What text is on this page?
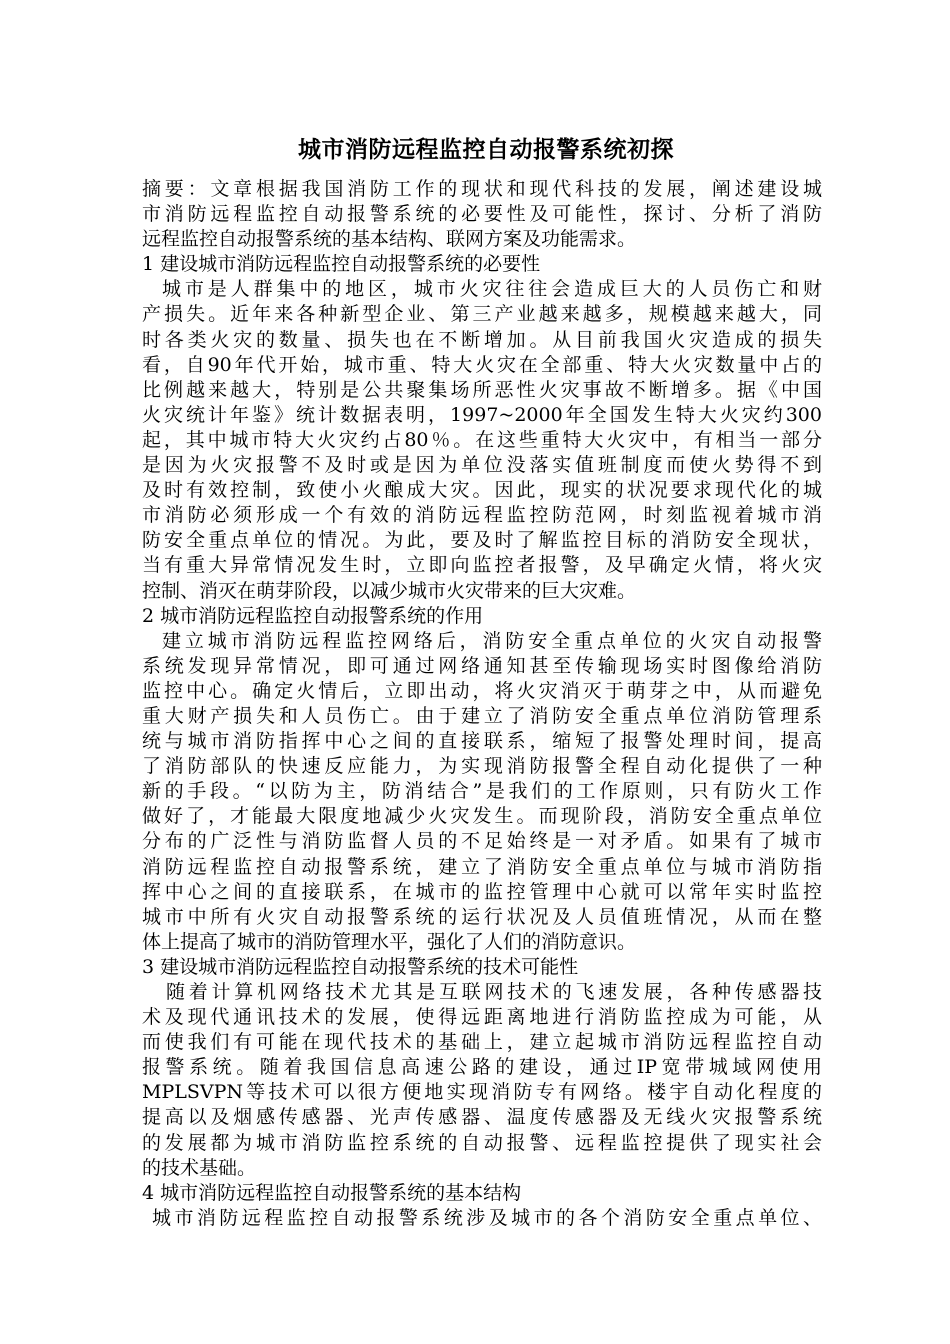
城市消防远程监控自动报警系统初探
摘要：文章根据我国消防工作的现状和现代科技的发展，阐述建设城
市消防远程监控自动报警系统的必要性及可能性，探讨、分析了消防
远程监控自动报警系统的基本结构、联网方案及功能需求。
1 建设城市消防远程监控自动报警系统的必要性
城市是人群集中的地区，城市火灾往往会造成巨大的人员伤亡和财
产损失。近年来各种新型企业、第三产业越来越多，规模越来越大，同
时各类火灾的数量、损失也在不断增加。从目前我国火灾造成的损失
看，自90年代开始，城市重、特大火灾在全部重、特大火灾数量中占的
比例越来越大，特别是公共聚集场所恶性火灾事故不断增多。据《中国
火灾统计年鉴》统计数据表明，1997~2000年全国发生特大火灾约300
起，其中城市特大火灾约占80％。在这些重特大火灾中，有相当一部分
是因为火灾报警不及时或是因为单位没落实值班制度而使火势得不到
及时有效控制，致使小火酿成大灾。因此，现实的状况要求现代化的城
市消防必须形成一个有效的消防远程监控防范网，时刻监视着城市消
防安全重点单位的情况。为此，要及时了解监控目标的消防安全现状，
当有重大异常情况发生时，立即向监控者报警，及早确定火情，将火灾
控制、消灭在萌芽阶段，以减少城市火灾带来的巨大灾难。
2 城市消防远程监控自动报警系统的作用
建立城市消防远程监控网络后，消防安全重点单位的火灾自动报警
系统发现异常情况，即可通过网络通知甚至传输现场实时图像给消防
监控中心。确定火情后，立即出动，将火灾消灭于萌芽之中，从而避免
重大财产损失和人员伤亡。由于建立了消防安全重点单位消防管理系
统与城市消防指挥中心之间的直接联系，缩短了报警处理时间，提高
了消防部队的快速反应能力，为实现消防报警全程自动化提供了一种
新的手段。“以防为主，防消结合”是我们的工作原则，只有防火工作
做好了，才能最大限度地减少火灾发生。而现阶段，消防安全重点单位
分布的广泛性与消防监督人员的不足始终是一对矛盾。如果有了城市
消防远程监控自动报警系统，建立了消防安全重点单位与城市消防指
挥中心之间的直接联系，在城市的监控管理中心就可以常年实时监控
城市中所有火灾自动报警系统的运行状况及人员值班情况，从而在整
体上提高了城市的消防管理水平，强化了人们的消防意识。
3 建设城市消防远程监控自动报警系统的技术可能性
随着计算机网络技术尤其是互联网技术的飞速发展，各种传感器技
术及现代通讯技术的发展，使得远距离地进行消防监控成为可能，从
而使我们有可能在现代技术的基础上，建立起城市消防远程监控自动
报警系统。随着我国信息高速公路的建设，通过IP宽带城域网使用
MPLSVPN等技术可以很方便地实现消防专有网络。楼宇自动化程度的
提高以及烟感传感器、光声传感器、温度传感器及无线火灾报警系统
的发展都为城市消防监控系统的自动报警、远程监控提供了现实社会
的技术基础。
4 城市消防远程监控自动报警系统的基本结构
城市消防远程监控自动报警系统涉及城市的各个消防安全重点单位、
